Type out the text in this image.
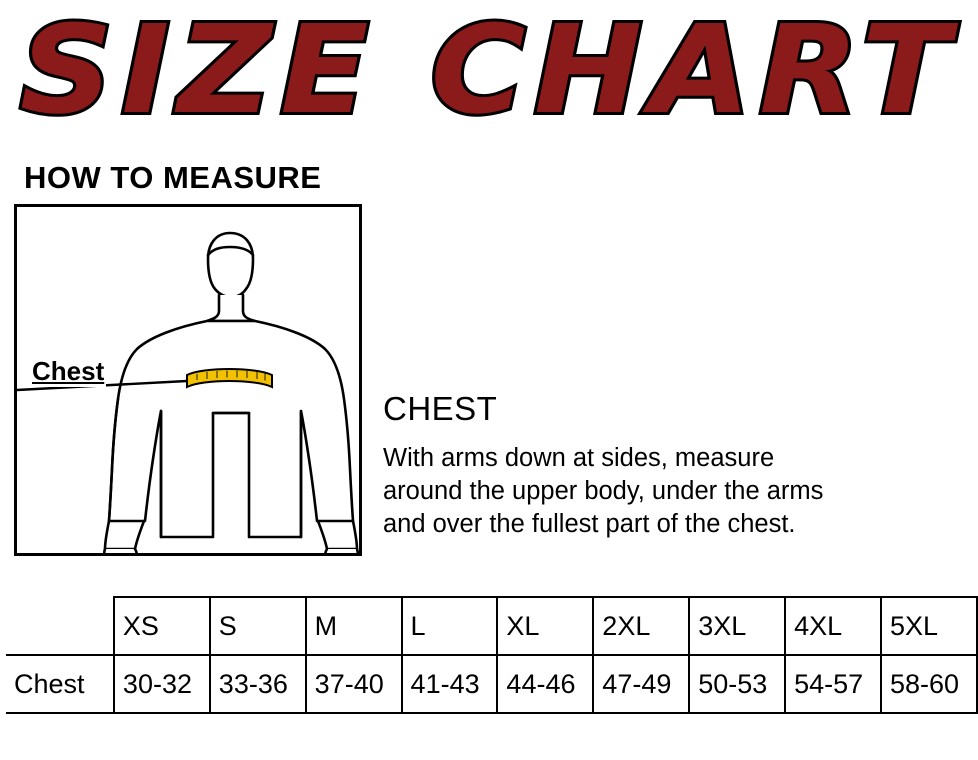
SIZE CHART
HOW TO MEASURE
Chest
CHEST
With arms down at sides, measure
around the upper body, under the arms
and over the fullest part of the chest.
	XS	S	M	L	XL	2XL	3XL	4XL	5XL
Chest	30-32	33-36	37-40	41-43	44-46	47-49	50-53	54-57	58-60
